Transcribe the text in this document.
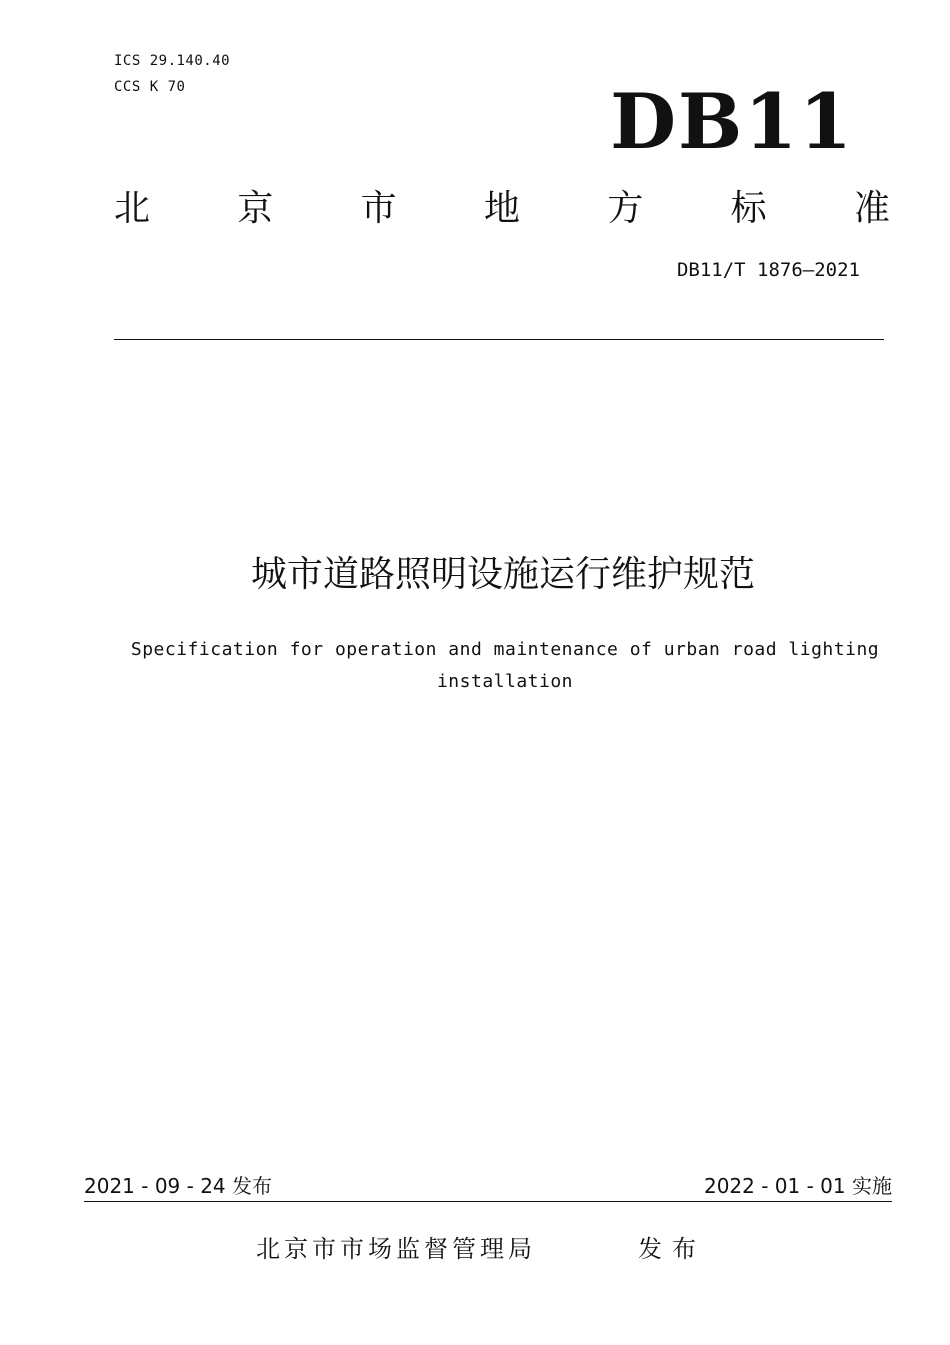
ICS 29.140.40
CCS K 70	DB11
北 京 市 地 方 标 准
DB11/T 1876—2021
城市道路照明设施运行维护规范
Specification for operation and maintenance of urban road lighting
installation
2021 - 09 - 24 发布	2022 - 01 - 01 实施
北京市市场监督管理局	发布
